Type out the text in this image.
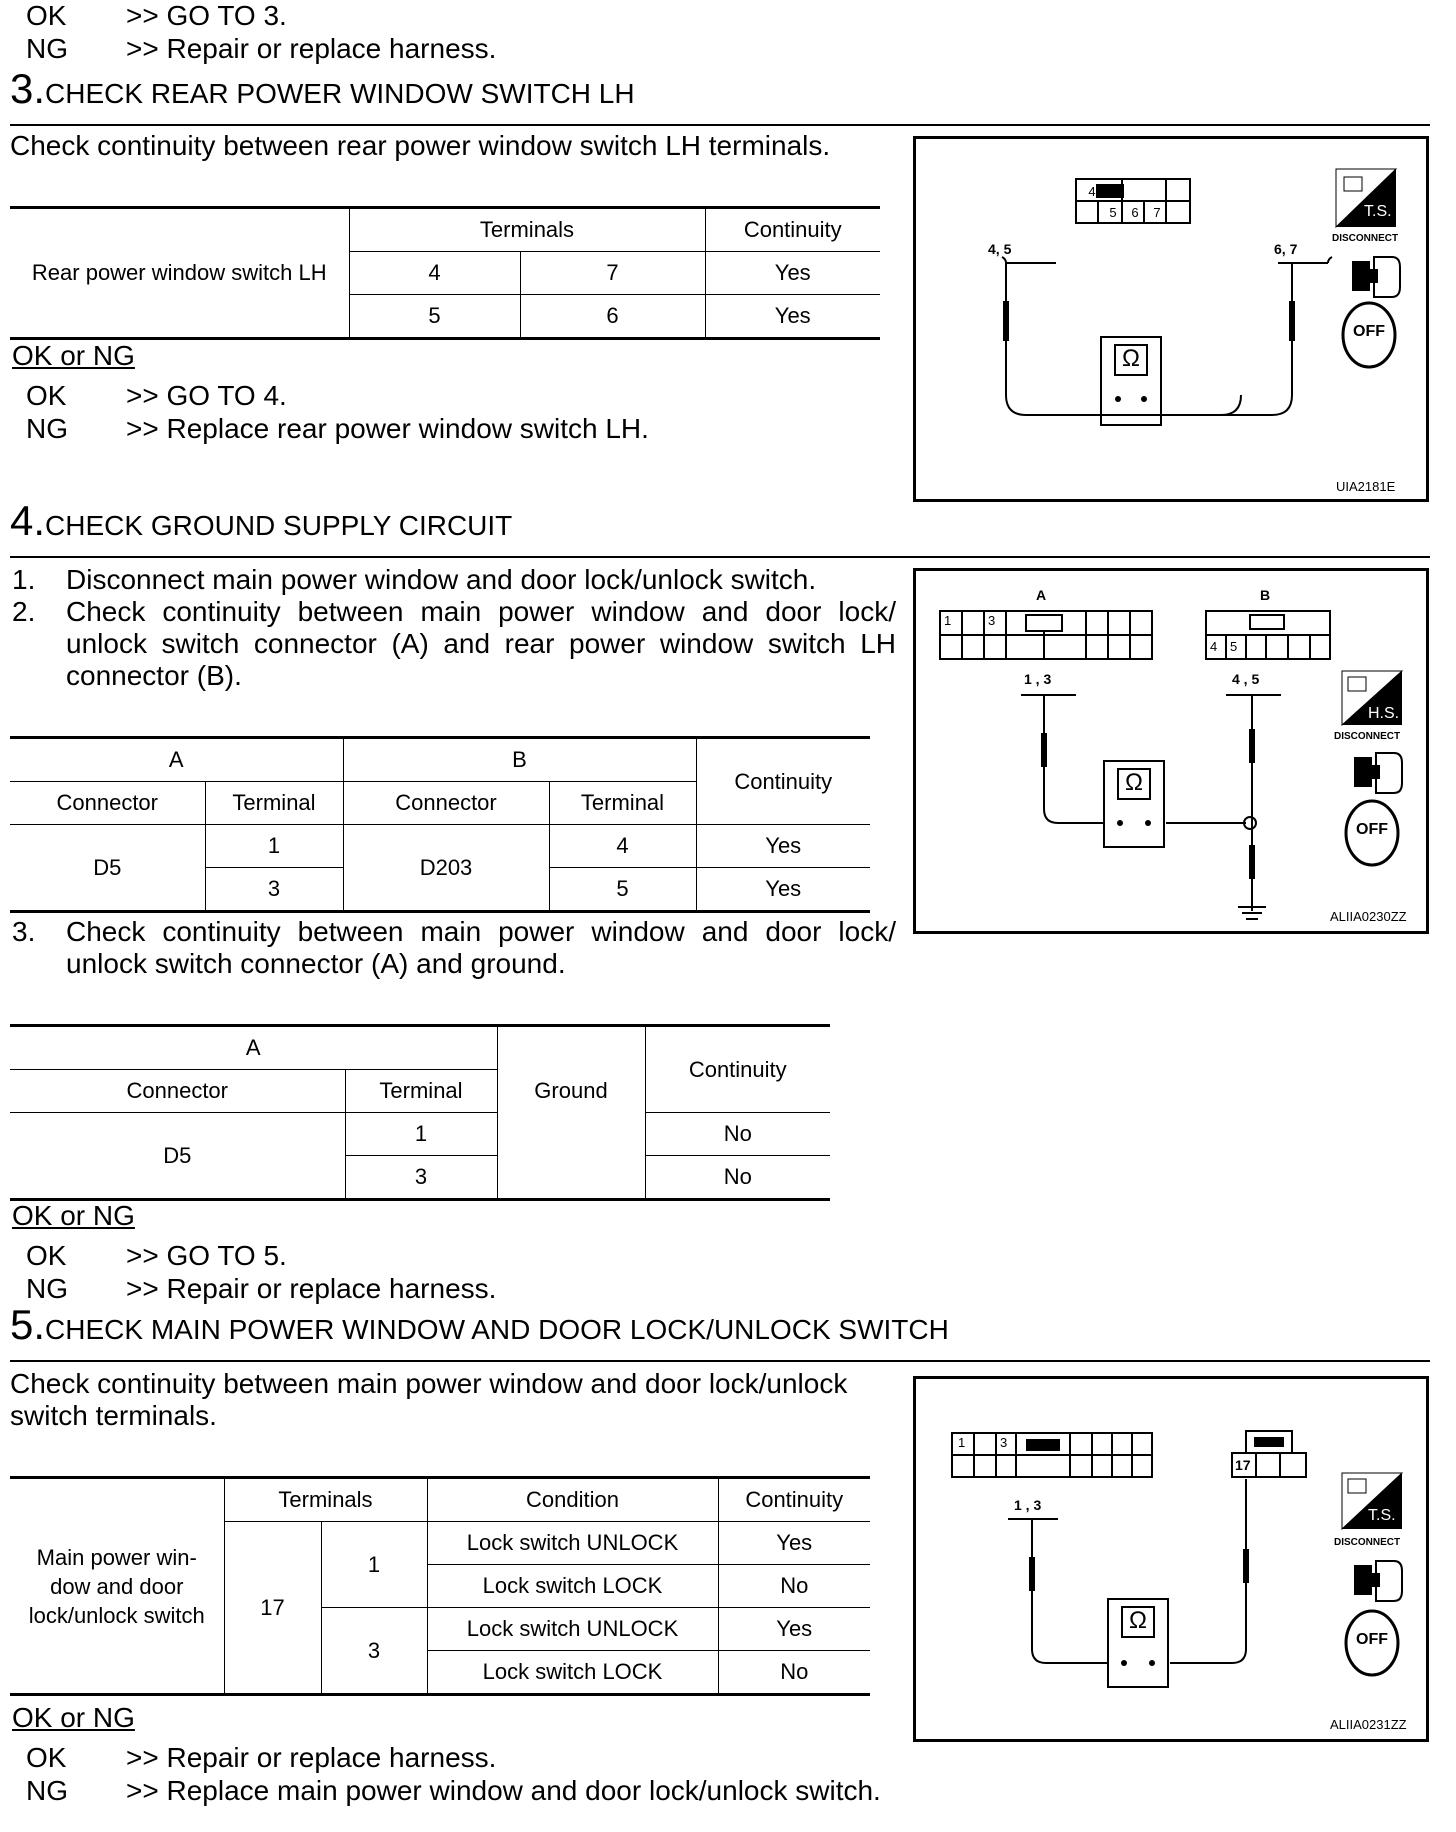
OK	>> GO TO 3.
NG	>> Repair or replace harness.
3.CHECK REAR POWER WINDOW SWITCH LH
Check continuity between rear power window switch LH terminals.
Rear power window switch LH	Terminals		Continuity
	4	7	Yes
	5	6	Yes
OK or NG
OK	>> GO TO 4.
NG	>> Replace rear power window switch LH.
4
5	6	7
4, 5	6, 7
Ω
T.S.
DISCONNECT
OFF
UIA2181E
4.CHECK GROUND SUPPLY CIRCUIT
1. Disconnect main power window and door lock/unlock switch.
2. Check continuity between main power window and door lock/ unlock switch connector (A) and rear power window switch LH connector (B).
A		B		Continuity
Connector	Terminal	Connector	Terminal	
D5	1	D203	4	Yes
	3		5	Yes
3. Check continuity between main power window and door lock/ unlock switch connector (A) and ground.
A		Ground	Continuity
Connector	Terminal		
D5	1		No
	3		No
OK or NG
OK	>> GO TO 5.
NG	>> Repair or replace harness.
A	B
1	3
4 5
1 , 3	4 , 5
Ω
H.S.
DISCONNECT
OFF
ALIIA0230ZZ
5.CHECK MAIN POWER WINDOW AND DOOR LOCK/UNLOCK SWITCH
Check continuity between main power window and door lock/unlock
switch terminals.
Main power win-
dow and door
lock/unlock switch	Terminals		Condition	Continuity
	17	1	Lock switch UNLOCK	Yes
			Lock switch LOCK	No
		3	Lock switch UNLOCK	Yes
			Lock switch LOCK	No
OK or NG
OK	>> Repair or replace harness.
NG	>> Replace main power window and door lock/unlock switch.
1	3
17
1 , 3
Ω
T.S.
DISCONNECT
OFF
ALIIA0231ZZ
